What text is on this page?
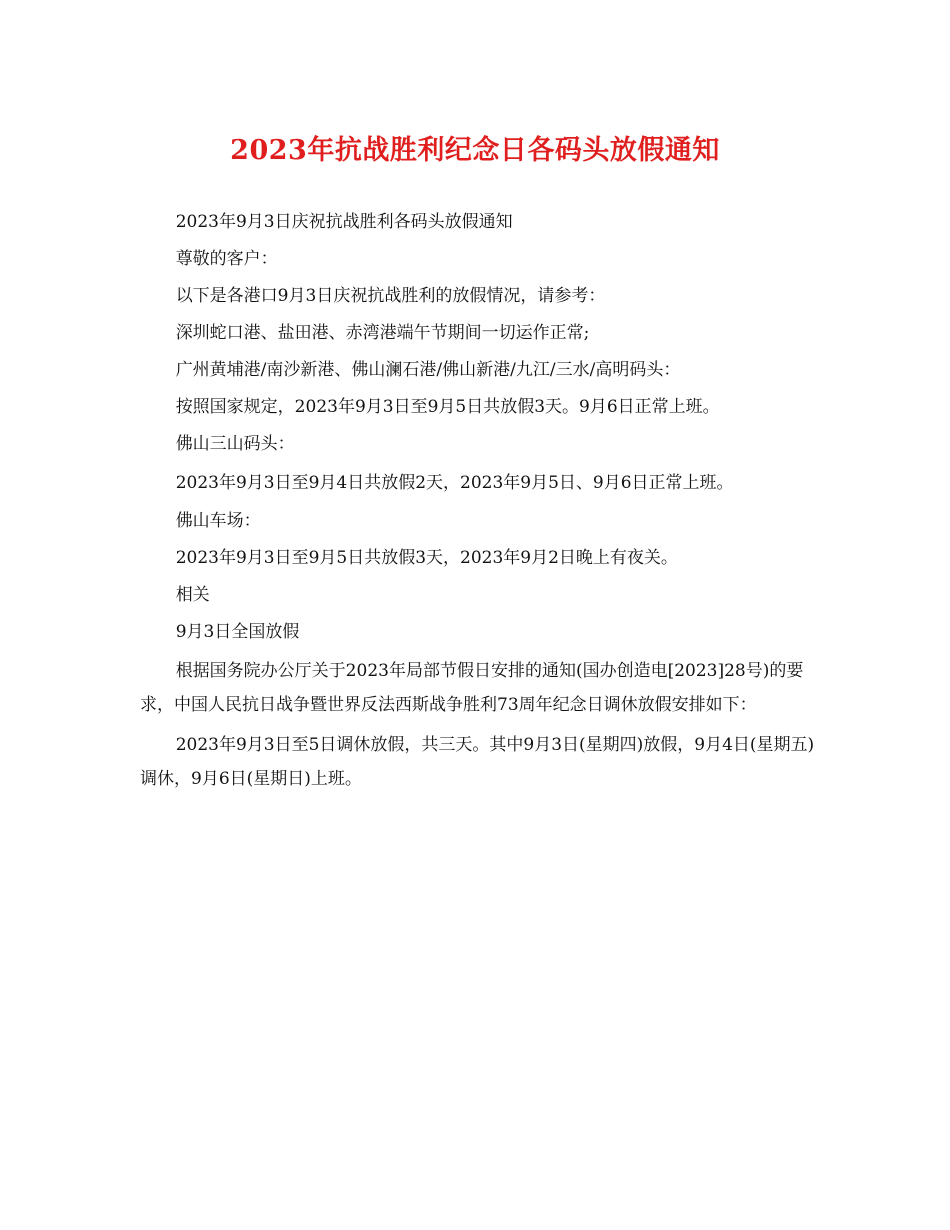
2023年抗战胜利纪念日各码头放假通知

2023年9月3日庆祝抗战胜利各码头放假通知

尊敬的客户：

以下是各港口9月3日庆祝抗战胜利的放假情况，请参考：

深圳蛇口港、盐田港、赤湾港端午节期间一切运作正常;

广州黄埔港/南沙新港、佛山澜石港/佛山新港/九江/三水/高明码头：

按照国家规定，2023年9月3日至9月5日共放假3天。9月6日正常上班。

佛山三山码头：

2023年9月3日至9月4日共放假2天，2023年9月5日、9月6日正常上班。

佛山车场：

2023年9月3日至9月5日共放假3天，2023年9月2日晚上有夜关。

相关

9月3日全国放假

根据国务院办公厅关于2023年局部节假日安排的通知(国办创造电[2023]28号)的要求，中国人民抗日战争暨世界反法西斯战争胜利73周年纪念日调休放假安排如下：

2023年9月3日至5日调休放假，共三天。其中9月3日(星期四)放假，9月4日(星期五)调休，9月6日(星期日)上班。
